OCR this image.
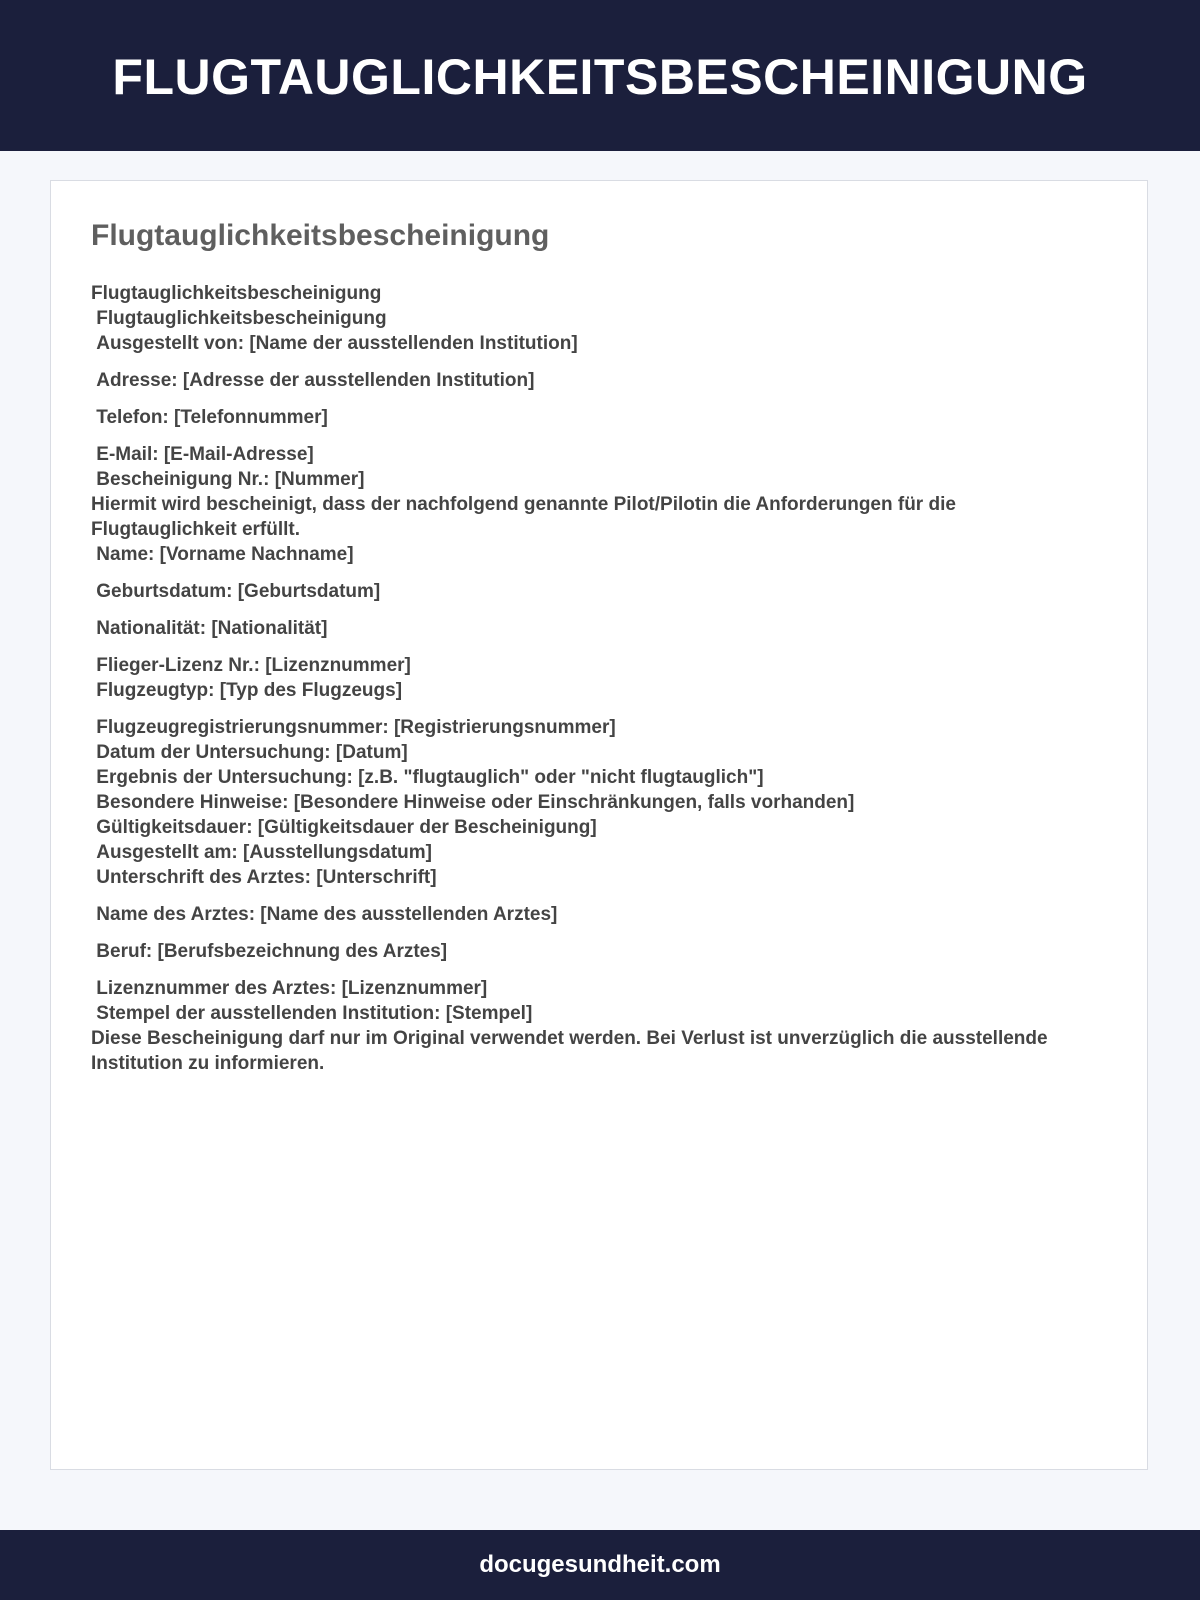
FLUGTAUGLICHKEITSBESCHEINIGUNG
Flugtauglichkeitsbescheinigung
Flugtauglichkeitsbescheinigung
Flugtauglichkeitsbescheinigung
Ausgestellt von: [Name der ausstellenden Institution]
Adresse: [Adresse der ausstellenden Institution]
Telefon: [Telefonnummer]
E-Mail: [E-Mail-Adresse]
Bescheinigung Nr.: [Nummer]
Hiermit wird bescheinigt, dass der nachfolgend genannte Pilot/Pilotin die Anforderungen für die Flugtauglichkeit erfüllt.
Name: [Vorname Nachname]
Geburtsdatum: [Geburtsdatum]
Nationalität: [Nationalität]
Flieger-Lizenz Nr.: [Lizenznummer]
Flugzeugtyp: [Typ des Flugzeugs]
Flugzeugregistrierungsnummer: [Registrierungsnummer]
Datum der Untersuchung: [Datum]
Ergebnis der Untersuchung: [z.B. "flugtauglich" oder "nicht flugtauglich"]
Besondere Hinweise: [Besondere Hinweise oder Einschränkungen, falls vorhanden]
Gültigkeitsdauer: [Gültigkeitsdauer der Bescheinigung]
Ausgestellt am: [Ausstellungsdatum]
Unterschrift des Arztes: [Unterschrift]
Name des Arztes: [Name des ausstellenden Arztes]
Beruf: [Berufsbezeichnung des Arztes]
Lizenznummer des Arztes: [Lizenznummer]
Stempel der ausstellenden Institution: [Stempel]
Diese Bescheinigung darf nur im Original verwendet werden. Bei Verlust ist unverzüglich die ausstellende Institution zu informieren.
docugesundheit.com
